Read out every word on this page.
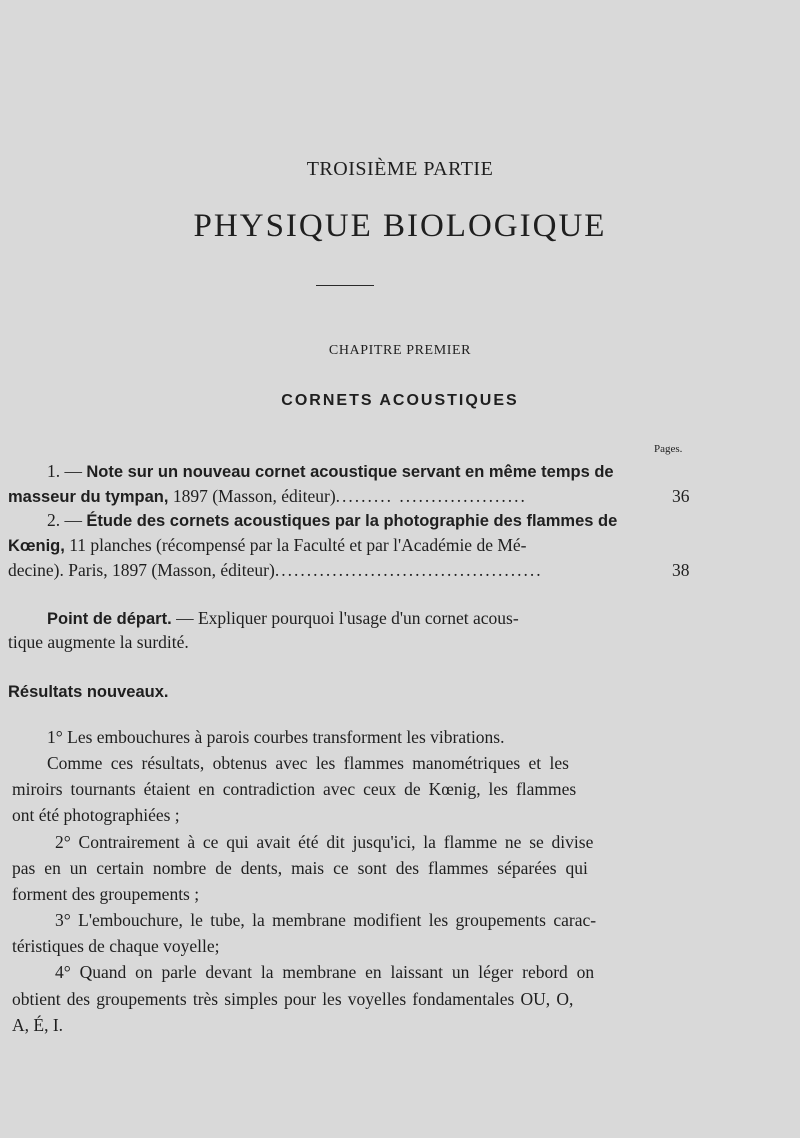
TROISIÈME PARTIE
PHYSIQUE BIOLOGIQUE
CHAPITRE PREMIER
CORNETS ACOUSTIQUES
Pages.
1. — Note sur un nouveau cornet acoustique servant en même temps de
masseur du tympan, 1897 (Masson, éditeur)......... ....................	36
2. — Étude des cornets acoustiques par la photographie des flammes de
Kœnig, 11 planches (récompensé par la Faculté et par l'Académie de Mé-
decine). Paris, 1897 (Masson, éditeur)..........................................	38
Point de départ. — Expliquer pourquoi l'usage d'un cornet acous-
tique augmente la surdité.
Résultats nouveaux.
1° Les embouchures à parois courbes transforment les vibrations.
Comme ces résultats, obtenus avec les flammes manométriques et les
miroirs tournants étaient en contradiction avec ceux de Kœnig, les flammes
ont été photographiées ;
2° Contrairement à ce qui avait été dit jusqu'ici, la flamme ne se divise
pas en un certain nombre de dents, mais ce sont des flammes séparées qui
forment des groupements ;
3° L'embouchure, le tube, la membrane modifient les groupements carac-
téristiques de chaque voyelle;
4° Quand on parle devant la membrane en laissant un léger rebord on
obtient des groupements très simples pour les voyelles fondamentales OU, O,
A, É, I.
